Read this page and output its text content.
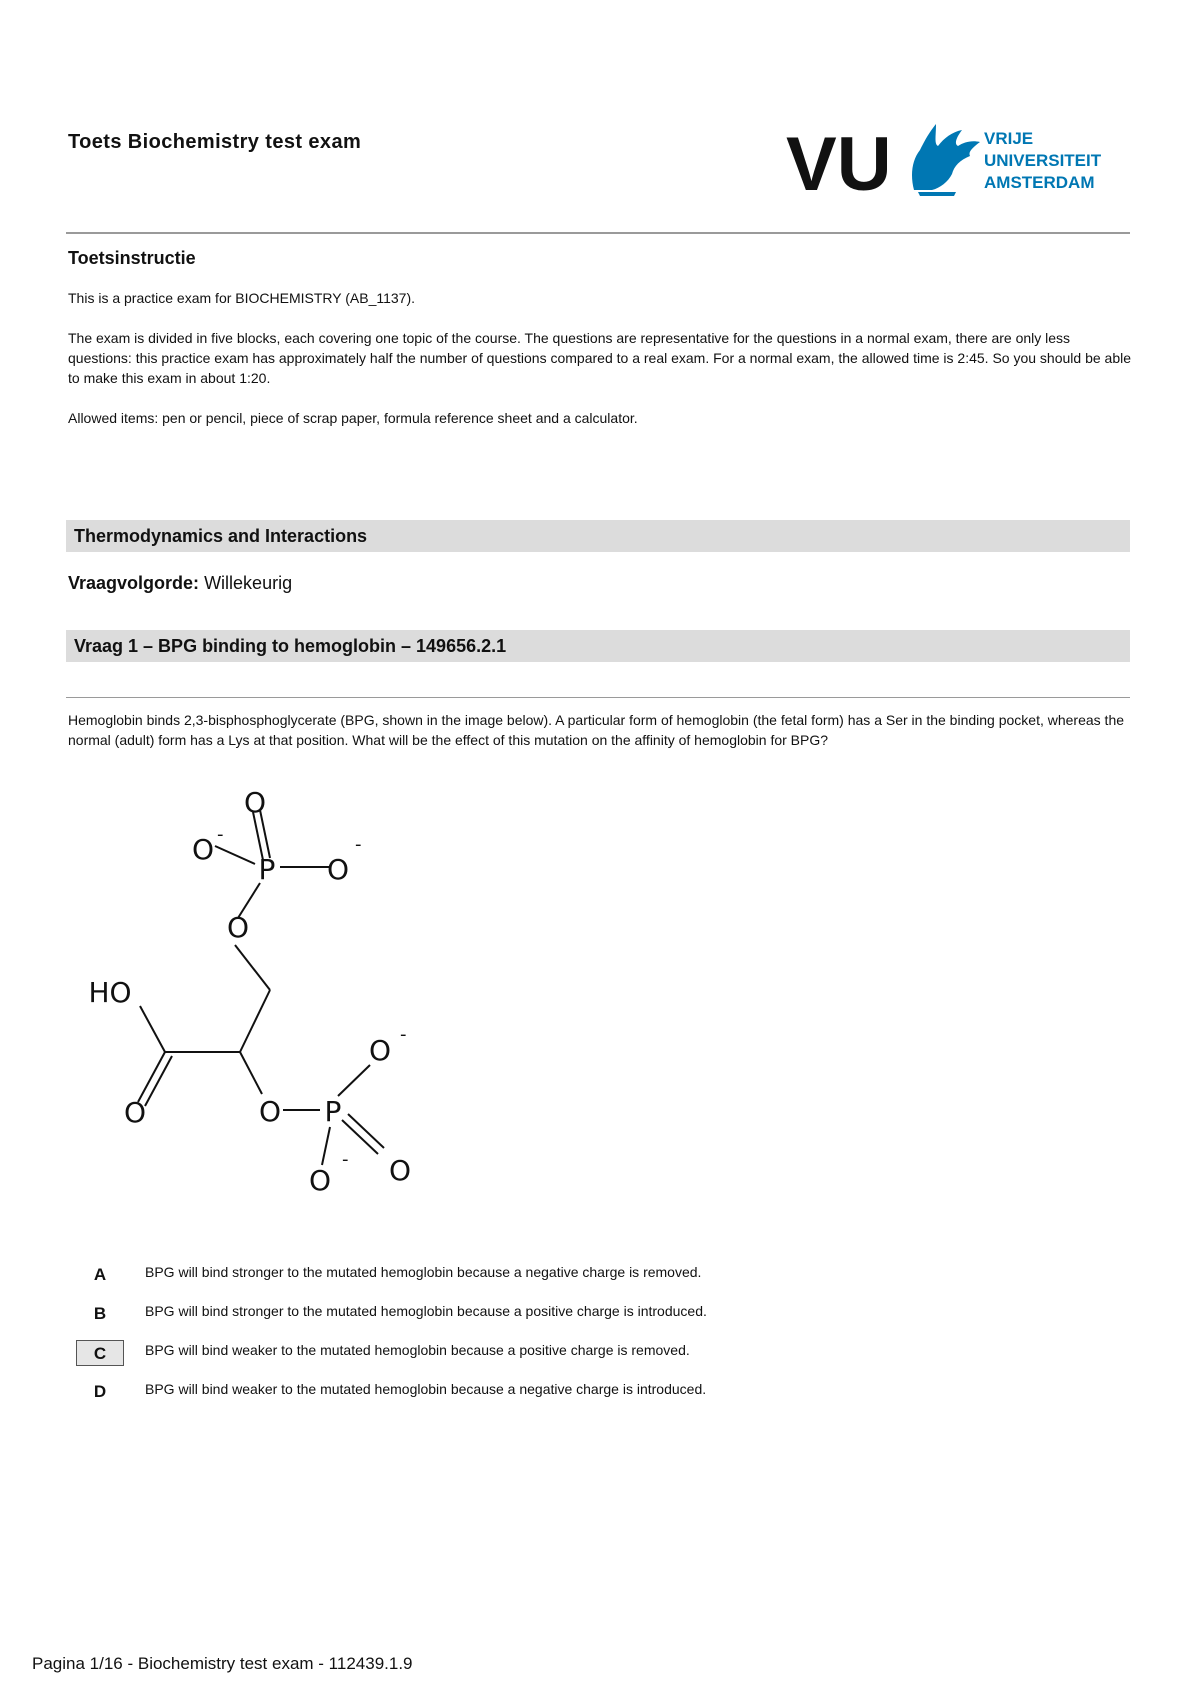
Toets Biochemistry test exam	VU	VRIJE
UNIVERSITEIT
AMSTERDAM
Toetsinstructie
This is a practice exam for BIOCHEMISTRY (AB_1137).
The exam is divided in five blocks, each covering one topic of the course. The questions are representative for the questions in a normal exam, there are only less questions: this practice exam has approximately half the number of questions compared to a real exam. For a normal exam, the allowed time is 2:45. So you should be able to make this exam in about 1:20.
Allowed items: pen or pencil, piece of scrap paper, formula reference sheet and a calculator.
Thermodynamics and Interactions
Vraagvolgorde: Willekeurig
Vraag 1 – BPG binding to hemoglobin – 149656.2.1
Hemoglobin binds 2,3-bisphosphoglycerate (BPG, shown in the image below). A particular form of hemoglobin (the fetal form) has a Ser in the binding pocket, whereas the normal (adult) form has a Lys at that position. What will be the effect of this mutation on the affinity of hemoglobin for BPG?
O
O
P O
O
HO
O	O P
O
O
O
-	-
-
-
A	BPG will bind stronger to the mutated hemoglobin because a negative charge is removed.
B	BPG will bind stronger to the mutated hemoglobin because a positive charge is introduced.
C	BPG will bind weaker to the mutated hemoglobin because a positive charge is removed.
D	BPG will bind weaker to the mutated hemoglobin because a negative charge is introduced.
Pagina 1/16 - Biochemistry test exam - 112439.1.9
